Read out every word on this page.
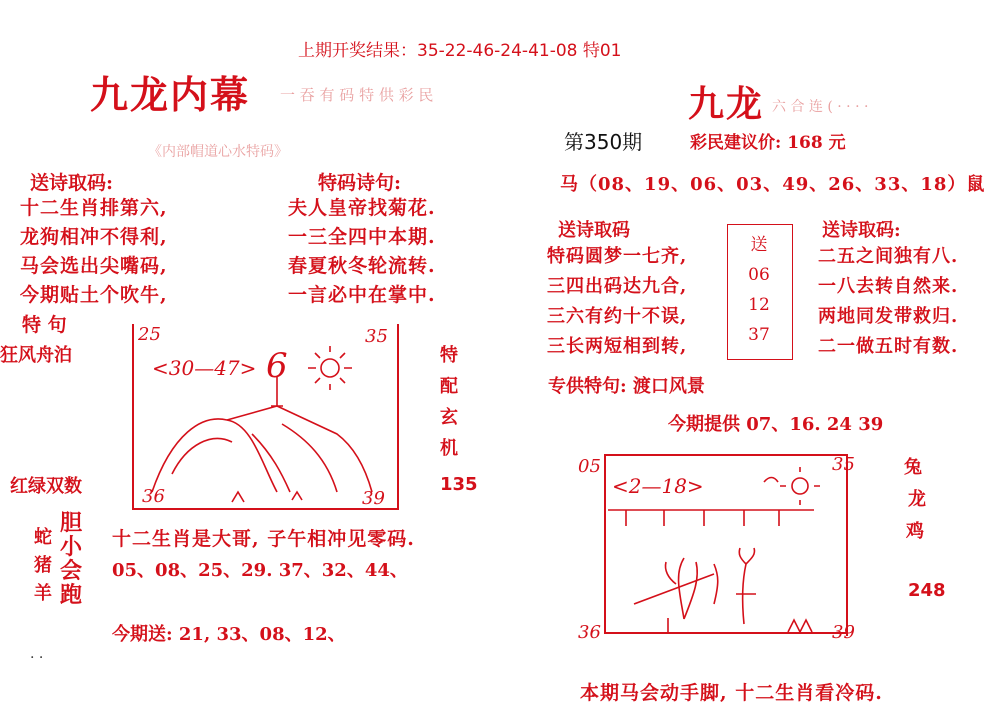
上期开奖结果：35-22-46-24-41-08 特01
九龙内幕 一 吞 有 码 特 供 彩 民
《内部帽道心水特码》
送诗取码:
十二生肖排第六,
龙狗相冲不得利,
马会选出尖嘴码,
今期贴土个吹牛,
特码诗句:
夫人皇帝找菊花.
一三全四中本期.
春夏秋冬轮流转.
一言必中在掌中.
特 句
狂风舟泊
红绿双数
25	35
36	39
<30—47> 6	特
配
玄
机
135
蛇
猪
羊
胆
小
会
跑
十二生肖是大哥, 子午相冲见零码.
05、08、25、29. 37、32、44、
今期送: 21, 33、08、12、
. .
九龙 六 合 连 ( · · · ·
第350期	彩民建议价: 168 元
马（08、19、06、03、49、26、33、18）鼠
送诗取码
特码圆梦一七齐,
三四出码达九合,
三六有约十不误,
三长两短相到转,
送
06
12
37
送诗取码:
二五之间独有八.
一八去转自然来.
两地同发带救归.
二一做五时有数.
专供特句: 渡口风景
今期提供 07、16. 24 39
05	35
36	39
<2—18>
兔
龙
鸡
248
本期马会动手脚, 十二生肖看冷码.
